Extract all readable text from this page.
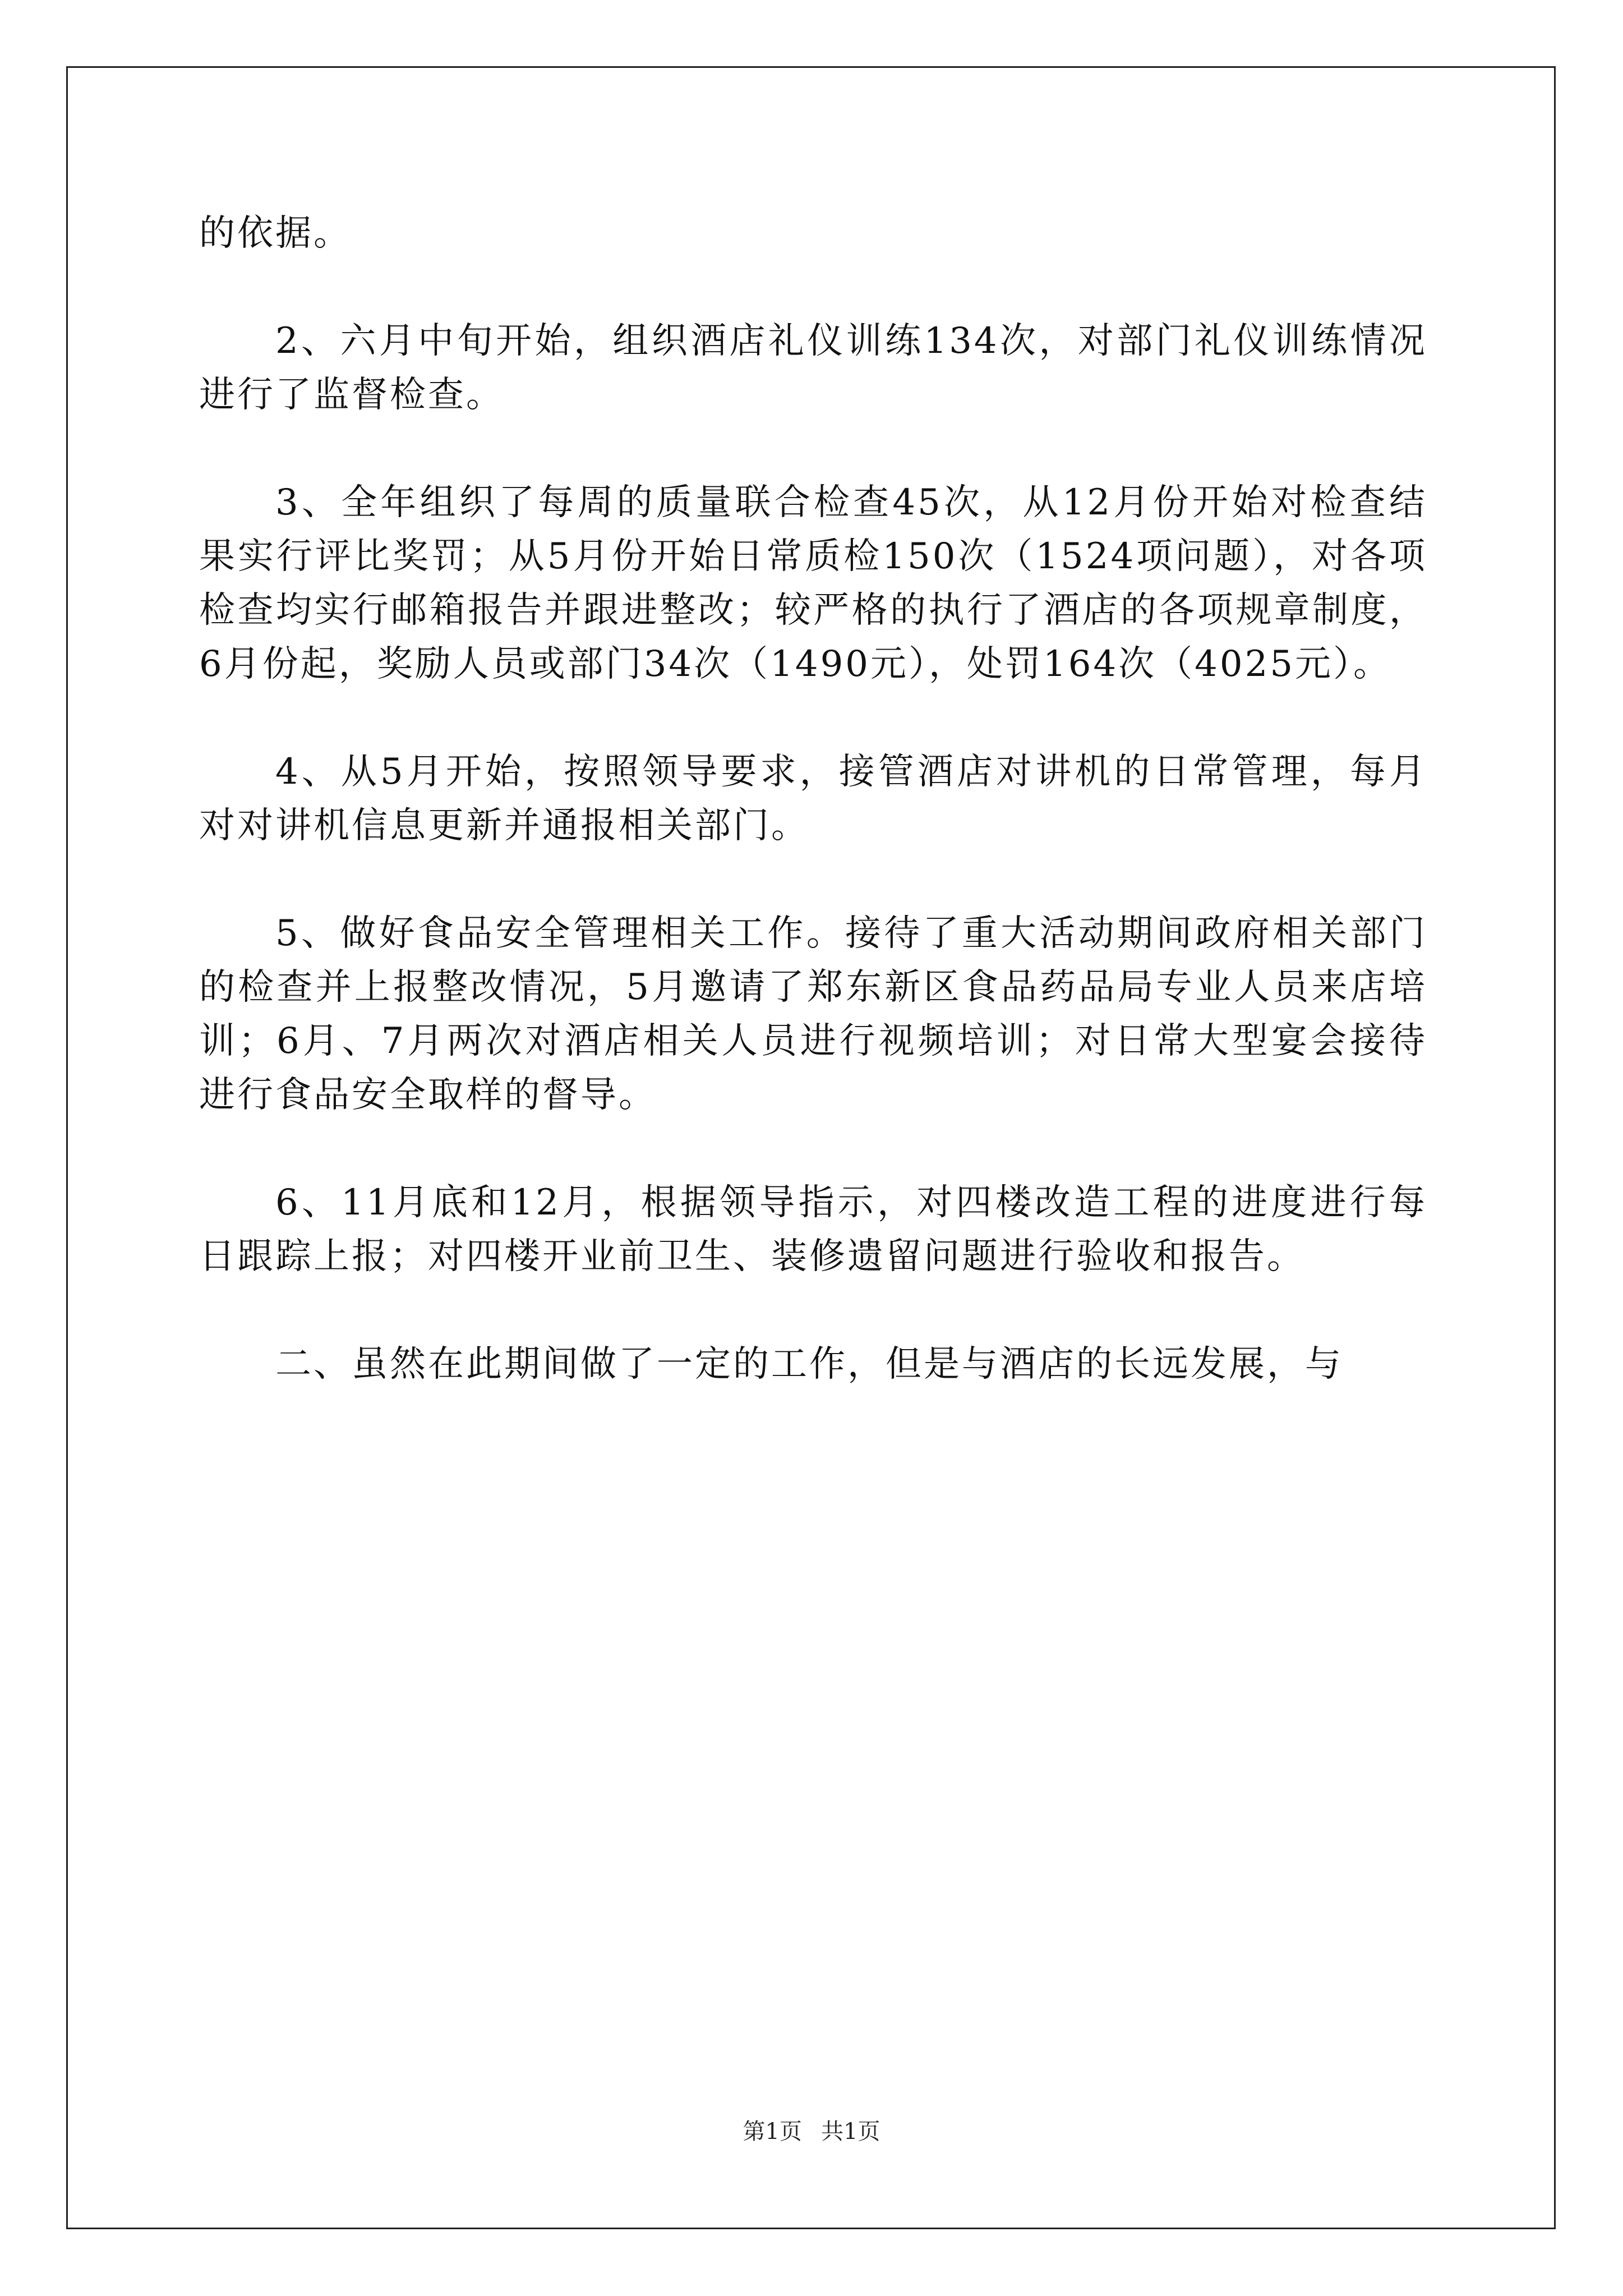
的依据。

2、六月中旬开始，组织酒店礼仪训练134次，对部门礼仪训练情况进行了监督检查。

3、全年组织了每周的质量联合检查45次，从12月份开始对检查结果实行评比奖罚；从5月份开始日常质检150次（1524项问题），对各项检查均实行邮箱报告并跟进整改；较严格的执行了酒店的各项规章制度，6月份起，奖励人员或部门34次（1490元），处罚164次（4025元）。

4、从5月开始，按照领导要求，接管酒店对讲机的日常管理，每月对对讲机信息更新并通报相关部门。

5、做好食品安全管理相关工作。接待了重大活动期间政府相关部门的检查并上报整改情况，5月邀请了郑东新区食品药品局专业人员来店培训；6月、7月两次对酒店相关人员进行视频培训；对日常大型宴会接待进行食品安全取样的督导。

6、11月底和12月，根据领导指示，对四楼改造工程的进度进行每日跟踪上报；对四楼开业前卫生、装修遗留问题进行验收和报告。

二、虽然在此期间做了一定的工作，但是与酒店的长远发展，与

第1页 共1页
